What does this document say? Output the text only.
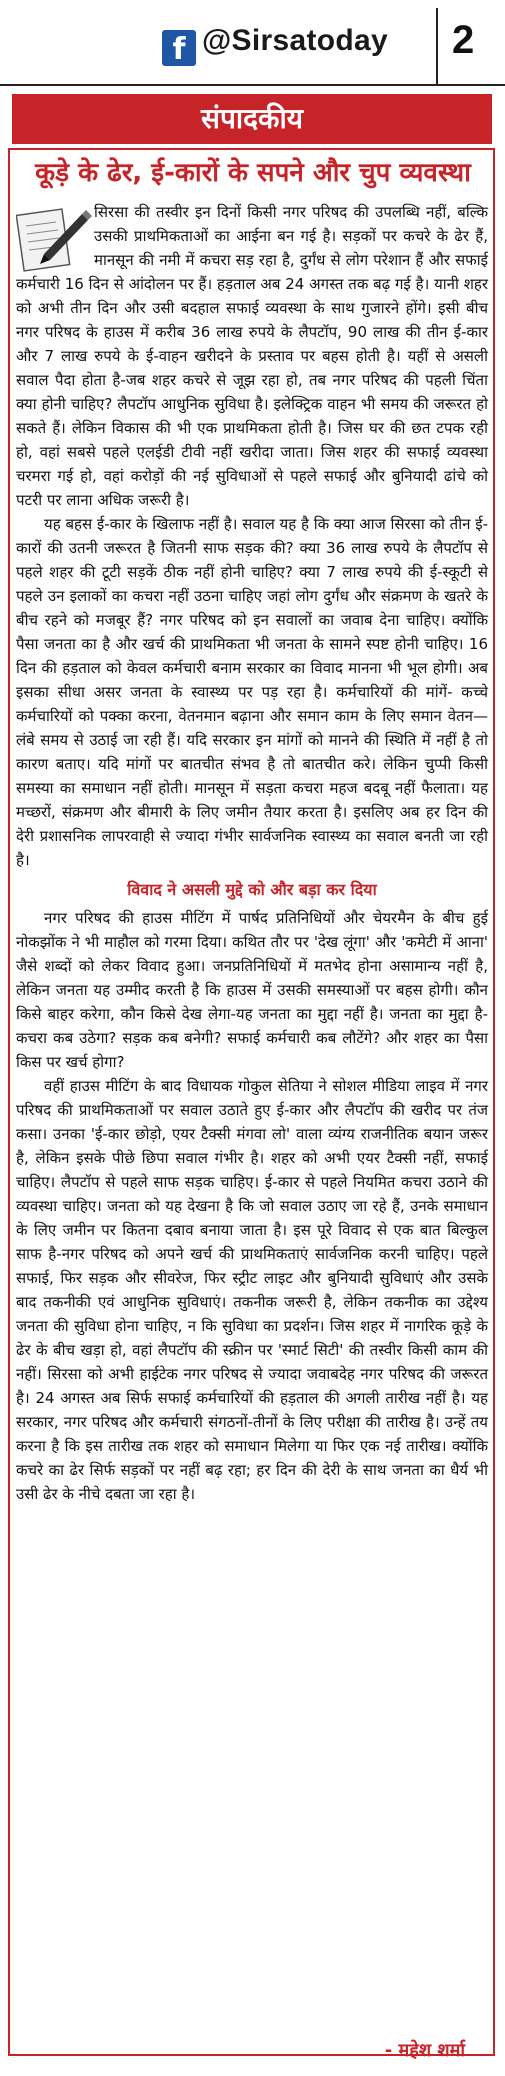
f @Sirsatoday 2
संपादकीय
कूड़े के ढेर, ई-कारों के सपने और चुप व्यवस्था

सिरसा की तस्वीर इन दिनों किसी नगर परिषद की उपलब्धि नहीं, बल्कि उसकी प्राथमिकताओं का आईना बन गई है। सड़कों पर कचरे के ढेर हैं, मानसून की नमी में कचरा सड़ रहा है, दुर्गंध से लोग परेशान हैं और सफाई कर्मचारी 16 दिन से आंदोलन पर हैं। हड़ताल अब 24 अगस्त तक बढ़ गई है। यानी शहर को अभी तीन दिन और उसी बदहाल सफाई व्यवस्था के साथ गुजारने होंगे। इसी बीच नगर परिषद के हाउस में करीब 36 लाख रुपये के लैपटॉप, 90 लाख की तीन ई-कार और 7 लाख रुपये के ई-वाहन खरीदने के प्रस्ताव पर बहस होती है। यहीं से असली सवाल पैदा होता है-जब शहर कचरे से जूझ रहा हो, तब नगर परिषद की पहली चिंता क्या होनी चाहिए? लैपटॉप आधुनिक सुविधा है। इलेक्ट्रिक वाहन भी समय की जरूरत हो सकते हैं। लेकिन विकास की भी एक प्राथमिकता होती है। जिस घर की छत टपक रही हो, वहां सबसे पहले एलईडी टीवी नहीं खरीदा जाता। जिस शहर की सफाई व्यवस्था चरमरा गई हो, वहां करोड़ों की नई सुविधाओं से पहले सफाई और बुनियादी ढांचे को पटरी पर लाना अधिक जरूरी है।

यह बहस ई-कार के खिलाफ नहीं है। सवाल यह है कि क्या आज सिरसा को तीन ई-कारों की उतनी जरूरत है जितनी साफ सड़क की? क्या 36 लाख रुपये के लैपटॉप से पहले शहर की टूटी सड़कें ठीक नहीं होनी चाहिए? क्या 7 लाख रुपये की ई-स्कूटी से पहले उन इलाकों का कचरा नहीं उठना चाहिए जहां लोग दुर्गंध और संक्रमण के खतरे के बीच रहने को मजबूर हैं? नगर परिषद को इन सवालों का जवाब देना चाहिए। क्योंकि पैसा जनता का है और खर्च की प्राथमिकता भी जनता के सामने स्पष्ट होनी चाहिए। 16 दिन की हड़ताल को केवल कर्मचारी बनाम सरकार का विवाद मानना भी भूल होगी। अब इसका सीधा असर जनता के स्वास्थ्य पर पड़ रहा है। कर्मचारियों की मांगें- कच्चे कर्मचारियों को पक्का करना, वेतनमान बढ़ाना और समान काम के लिए समान वेतन—लंबे समय से उठाई जा रही हैं। यदि सरकार इन मांगों को मानने की स्थिति में नहीं है तो कारण बताए। यदि मांगों पर बातचीत संभव है तो बातचीत करे। लेकिन चुप्पी किसी समस्या का समाधान नहीं होती। मानसून में सड़ता कचरा महज बदबू नहीं फैलाता। यह मच्छरों, संक्रमण और बीमारी के लिए जमीन तैयार करता है। इसलिए अब हर दिन की देरी प्रशासनिक लापरवाही से ज्यादा गंभीर सार्वजनिक स्वास्थ्य का सवाल बनती जा रही है।

विवाद ने असली मुद्दे को और बड़ा कर दिया

नगर परिषद की हाउस मीटिंग में पार्षद प्रतिनिधियों और चेयरमैन के बीच हुई नोकझोंक ने भी माहौल को गरमा दिया। कथित तौर पर 'देख लूंगा' और 'कमेटी में आना' जैसे शब्दों को लेकर विवाद हुआ। जनप्रतिनिधियों में मतभेद होना असामान्य नहीं है, लेकिन जनता यह उम्मीद करती है कि हाउस में उसकी समस्याओं पर बहस होगी। कौन किसे बाहर करेगा, कौन किसे देख लेगा-यह जनता का मुद्दा नहीं है। जनता का मुद्दा है-कचरा कब उठेगा? सड़क कब बनेगी? सफाई कर्मचारी कब लौटेंगे? और शहर का पैसा किस पर खर्च होगा?

वहीं हाउस मीटिंग के बाद विधायक गोकुल सेतिया ने सोशल मीडिया लाइव में नगर परिषद की प्राथमिकताओं पर सवाल उठाते हुए ई-कार और लैपटॉप की खरीद पर तंज कसा। उनका 'ई-कार छोड़ो, एयर टैक्सी मंगवा लो' वाला व्यंग्य राजनीतिक बयान जरूर है, लेकिन इसके पीछे छिपा सवाल गंभीर है। शहर को अभी एयर टैक्सी नहीं, सफाई चाहिए। लैपटॉप से पहले साफ सड़क चाहिए। ई-कार से पहले नियमित कचरा उठाने की व्यवस्था चाहिए। जनता को यह देखना है कि जो सवाल उठाए जा रहे हैं, उनके समाधान के लिए जमीन पर कितना दबाव बनाया जाता है। इस पूरे विवाद से एक बात बिल्कुल साफ है-नगर परिषद को अपने खर्च की प्राथमिकताएं सार्वजनिक करनी चाहिए। पहले सफाई, फिर सड़क और सीवरेज, फिर स्ट्रीट लाइट और बुनियादी सुविधाएं और उसके बाद तकनीकी एवं आधुनिक सुविधाएं। तकनीक जरूरी है, लेकिन तकनीक का उद्देश्य जनता की सुविधा होना चाहिए, न कि सुविधा का प्रदर्शन। जिस शहर में नागरिक कूड़े के ढेर के बीच खड़ा हो, वहां लैपटॉप की स्क्रीन पर 'स्मार्ट सिटी' की तस्वीर किसी काम की नहीं। सिरसा को अभी हाईटेक नगर परिषद से ज्यादा जवाबदेह नगर परिषद की जरूरत है। 24 अगस्त अब सिर्फ सफाई कर्मचारियों की हड़ताल की अगली तारीख नहीं है। यह सरकार, नगर परिषद और कर्मचारी संगठनों-तीनों के लिए परीक्षा की तारीख है। उन्हें तय करना है कि इस तारीख तक शहर को समाधान मिलेगा या फिर एक नई तारीख। क्योंकि कचरे का ढेर सिर्फ सड़कों पर नहीं बढ़ रहा; हर दिन की देरी के साथ जनता का धैर्य भी उसी ढेर के नीचे दबता जा रहा है।

- महेश शर्मा
